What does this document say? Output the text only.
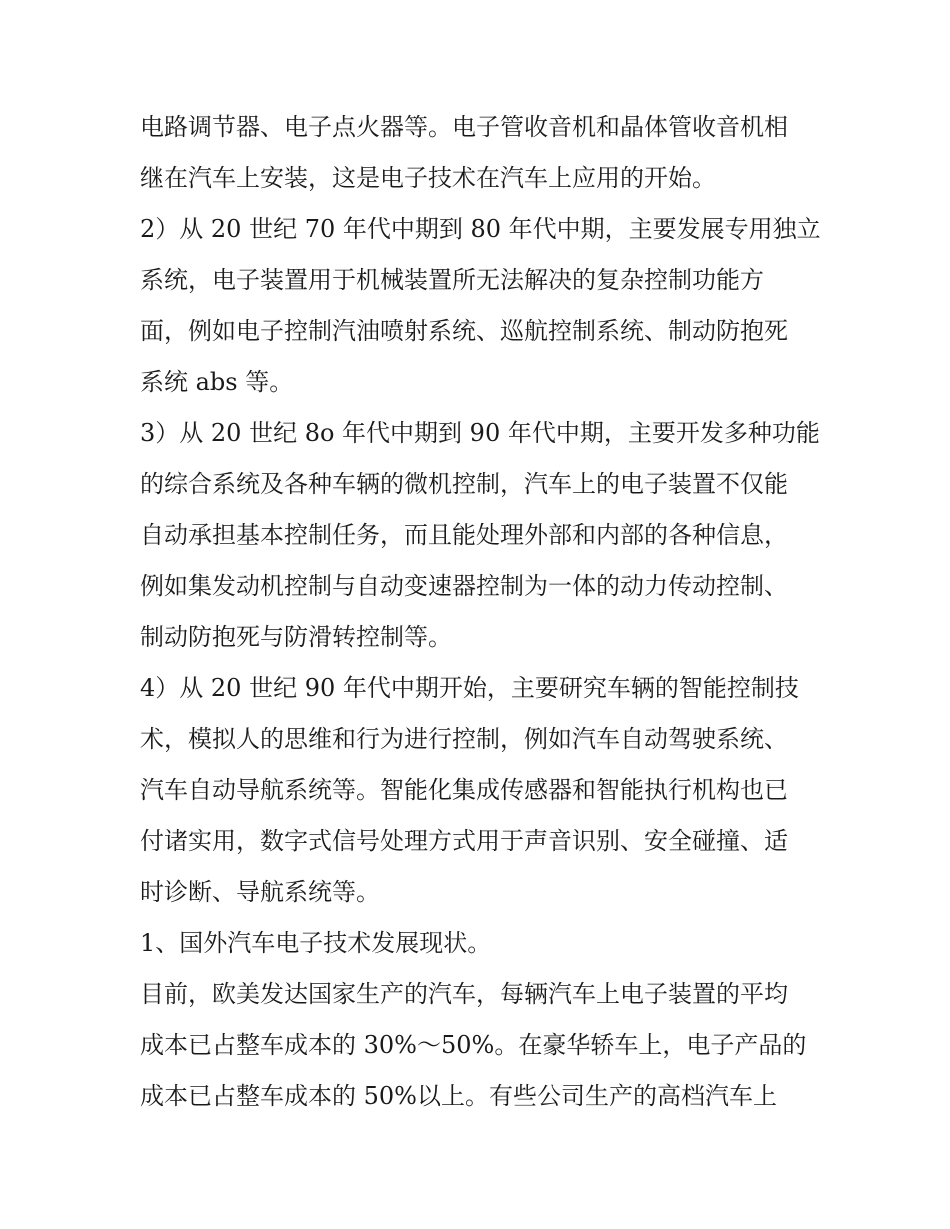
电路调节器、电子点火器等。电子管收音机和晶体管收音机相
继在汽车上安装，这是电子技术在汽车上应用的开始。
2）从 20 世纪 70 年代中期到 80 年代中期，主要发展专用独立
系统，电子装置用于机械装置所无法解决的复杂控制功能方
面，例如电子控制汽油喷射系统、巡航控制系统、制动防抱死
系统 abs 等。
3）从 20 世纪 8o 年代中期到 90 年代中期，主要开发多种功能
的综合系统及各种车辆的微机控制，汽车上的电子装置不仅能
自动承担基本控制任务，而且能处理外部和内部的各种信息，
例如集发动机控制与自动变速器控制为一体的动力传动控制、
制动防抱死与防滑转控制等。
4）从 20 世纪 90 年代中期开始，主要研究车辆的智能控制技
术，模拟人的思维和行为进行控制，例如汽车自动驾驶系统、
汽车自动导航系统等。智能化集成传感器和智能执行机构也已
付诸实用，数字式信号处理方式用于声音识别、安全碰撞、适
时诊断、导航系统等。
1、国外汽车电子技术发展现状。
目前，欧美发达国家生产的汽车，每辆汽车上电子装置的平均
成本已占整车成本的 30%～50%。在豪华轿车上，电子产品的
成本已占整车成本的 50%以上。有些公司生产的高档汽车上
